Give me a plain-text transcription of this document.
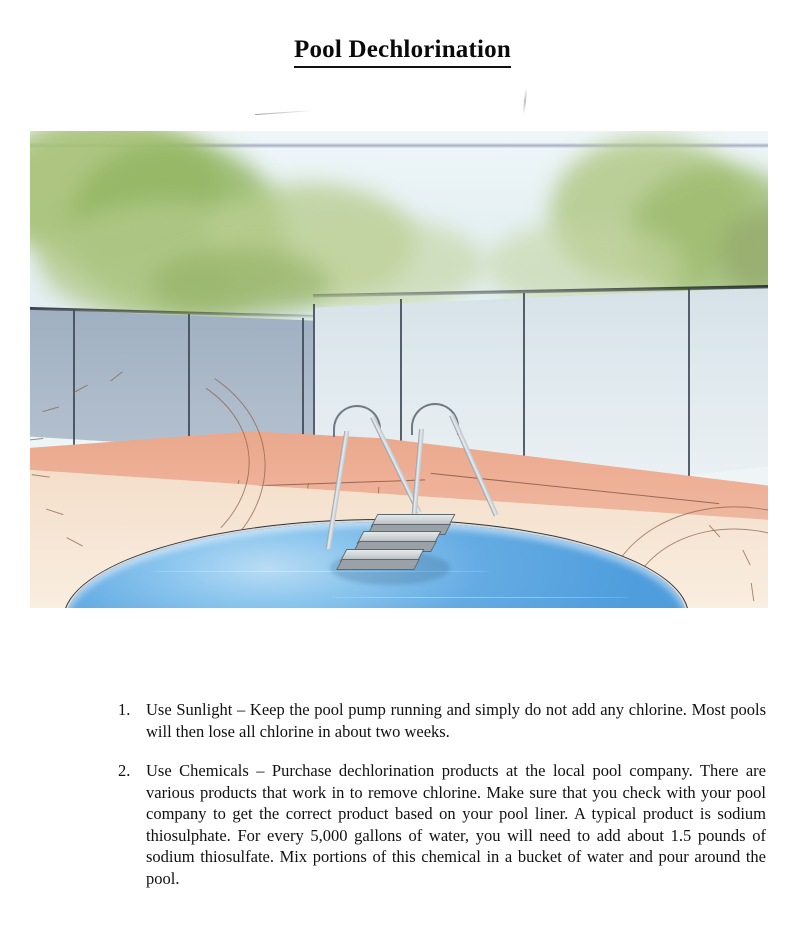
Pool Dechlorination
1. Use Sunlight – Keep the pool pump running and simply do not add any chlorine. Most pools will then lose all chlorine in about two weeks.
2. Use Chemicals – Purchase dechlorination products at the local pool company. There are various products that work in to remove chlorine. Make sure that you check with your pool company to get the correct product based on your pool liner. A typical product is sodium thiosulphate. For every 5,000 gallons of water, you will need to add about 1.5 pounds of sodium thiosulfate. Mix portions of this chemical in a bucket of water and pour around the pool.
